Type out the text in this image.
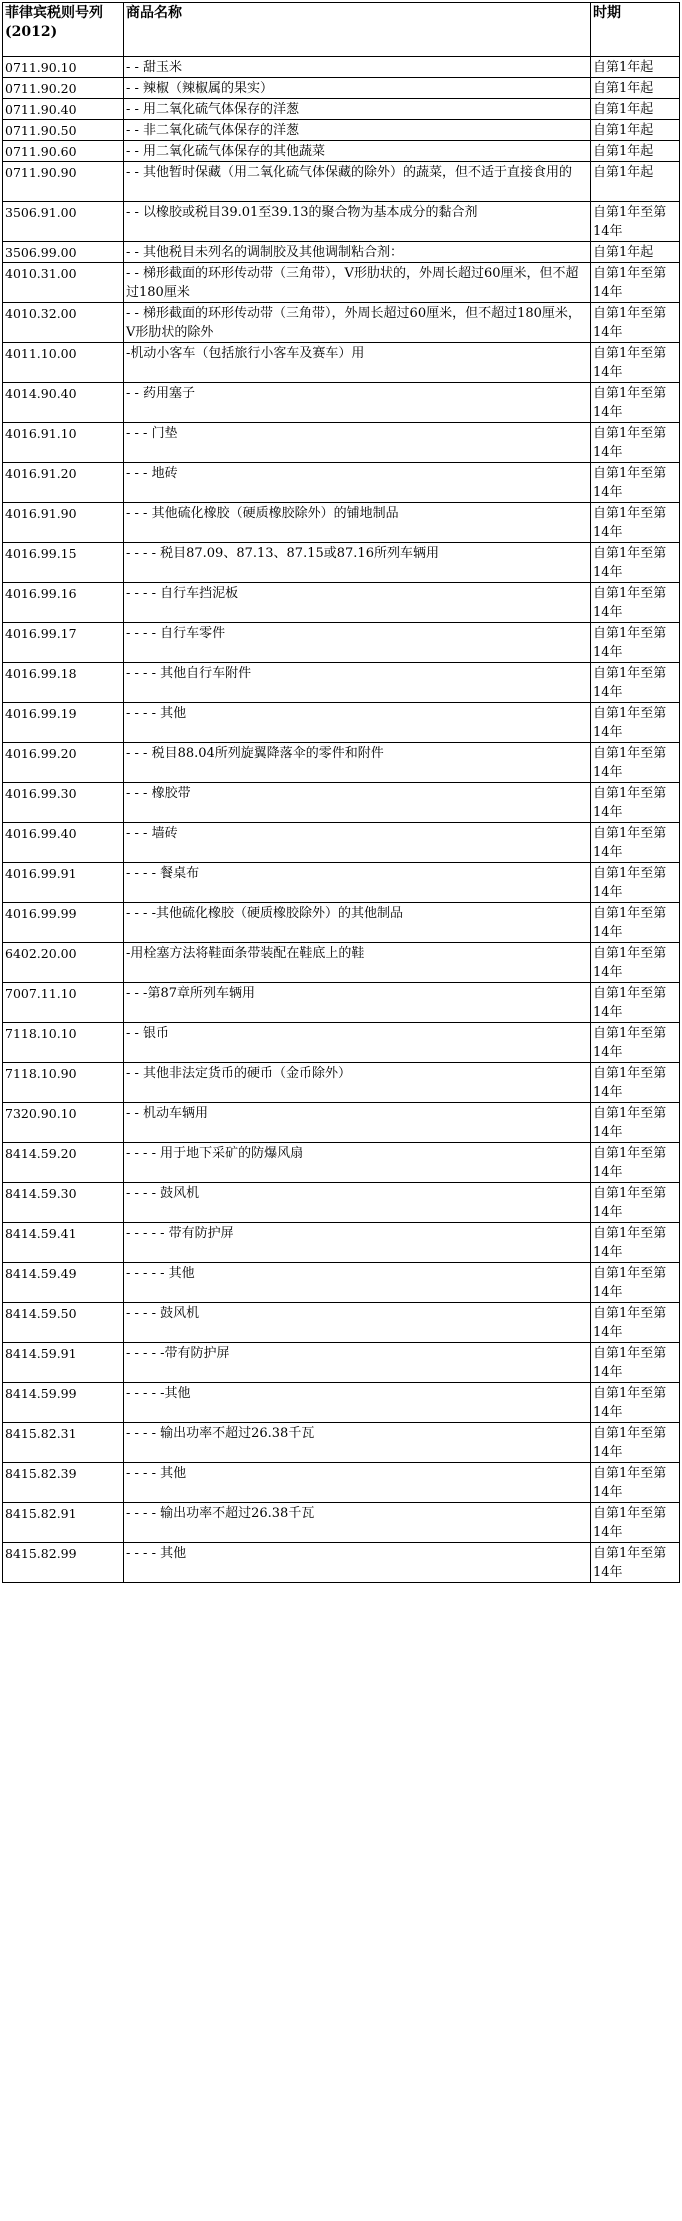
菲律宾税则号列 (2012)	商品名称	时期
0711.90.10	- - 甜玉米	自第1年起
0711.90.20	- - 辣椒（辣椒属的果实）	自第1年起
0711.90.40	- - 用二氧化硫气体保存的洋葱	自第1年起
0711.90.50	- - 非二氧化硫气体保存的洋葱	自第1年起
0711.90.60	- - 用二氧化硫气体保存的其他蔬菜	自第1年起
0711.90.90	- - 其他暂时保藏（用二氧化硫气体保藏的除外）的蔬菜，但不适于直接食用的	自第1年起
3506.91.00	- - 以橡胶或税目39.01至39.13的聚合物为基本成分的黏合剂	自第1年至第14年
3506.99.00	- - 其他税目未列名的调制胶及其他调制粘合剂：	自第1年起
4010.31.00	- - 梯形截面的环形传动带（三角带），V形肋状的，外周长超过60厘米，但不超过180厘米	自第1年至第14年
4010.32.00	- - 梯形截面的环形传动带（三角带），外周长超过60厘米，但不超过180厘米，V形肋状的除外	自第1年至第14年
4011.10.00	-机动小客车（包括旅行小客车及赛车）用	自第1年至第14年
4014.90.40	- - 药用塞子	自第1年至第14年
4016.91.10	- - - 门垫	自第1年至第14年
4016.91.20	- - - 地砖	自第1年至第14年
4016.91.90	- - - 其他硫化橡胶（硬质橡胶除外）的铺地制品	自第1年至第14年
4016.99.15	- - - - 税目87.09、87.13、87.15或87.16所列车辆用	自第1年至第14年
4016.99.16	- - - - 自行车挡泥板	自第1年至第14年
4016.99.17	- - - - 自行车零件	自第1年至第14年
4016.99.18	- - - - 其他自行车附件	自第1年至第14年
4016.99.19	- - - - 其他	自第1年至第14年
4016.99.20	- - - 税目88.04所列旋翼降落伞的零件和附件	自第1年至第14年
4016.99.30	- - - 橡胶带	自第1年至第14年
4016.99.40	- - - 墙砖	自第1年至第14年
4016.99.91	- - - - 餐桌布	自第1年至第14年
4016.99.99	- - - -其他硫化橡胶（硬质橡胶除外）的其他制品	自第1年至第14年
6402.20.00	-用栓塞方法将鞋面条带装配在鞋底上的鞋	自第1年至第14年
7007.11.10	- - -第87章所列车辆用	自第1年至第14年
7118.10.10	- - 银币	自第1年至第14年
7118.10.90	- - 其他非法定货币的硬币（金币除外）	自第1年至第14年
7320.90.10	- - 机动车辆用	自第1年至第14年
8414.59.20	- - - - 用于地下采矿的防爆风扇	自第1年至第14年
8414.59.30	- - - - 鼓风机	自第1年至第14年
8414.59.41	- - - - - 带有防护屏	自第1年至第14年
8414.59.49	- - - - - 其他	自第1年至第14年
8414.59.50	- - - - 鼓风机	自第1年至第14年
8414.59.91	- - - - -带有防护屏	自第1年至第14年
8414.59.99	- - - - -其他	自第1年至第14年
8415.82.31	- - - - 输出功率不超过26.38千瓦	自第1年至第14年
8415.82.39	- - - - 其他	自第1年至第14年
8415.82.91	- - - - 输出功率不超过26.38千瓦	自第1年至第14年
8415.82.99	- - - - 其他	自第1年至第14年
